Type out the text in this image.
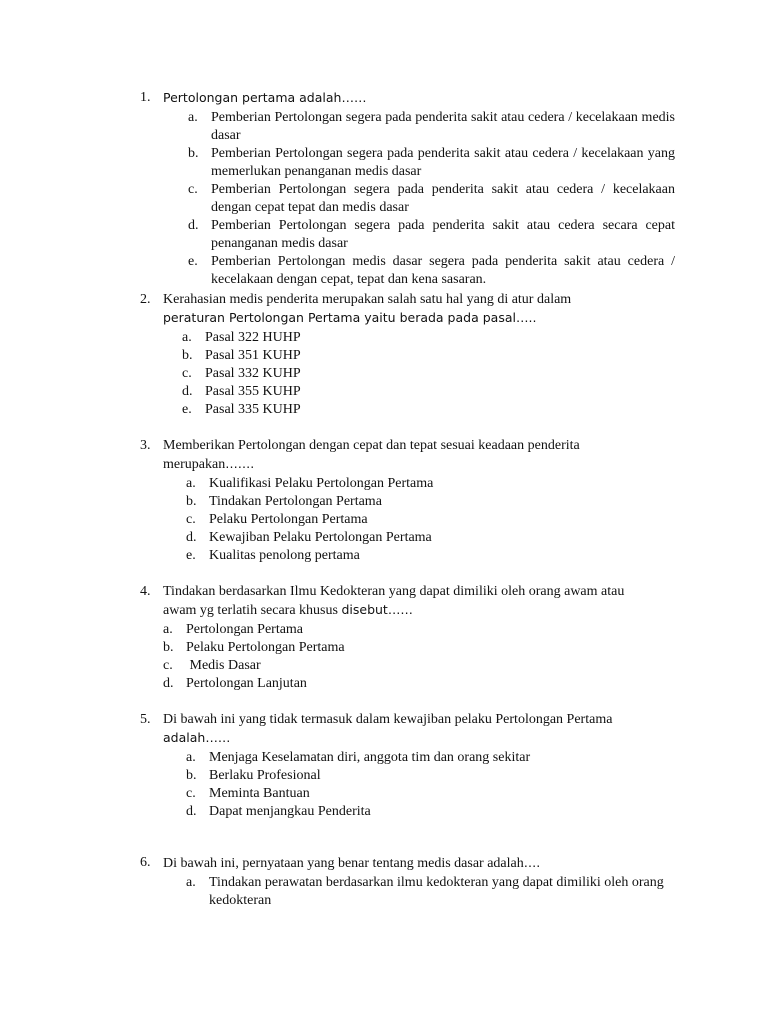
1.	Pertolongan pertama adalah……
a. Pemberian Pertolongan segera pada penderita sakit atau cedera / kecelakaan medis dasar
b. Pemberian Pertolongan segera pada penderita sakit atau cedera / kecelakaan yang memerlukan penanganan medis dasar
c. Pemberian Pertolongan segera pada penderita sakit atau cedera / kecelakaan dengan cepat tepat dan medis dasar
d. Pemberian Pertolongan segera pada penderita sakit atau cedera secara cepat penanganan medis dasar
e. Pemberian Pertolongan medis dasar segera pada penderita sakit atau cedera / kecelakaan dengan cepat, tepat dan kena sasaran.
2. Kerahasian medis penderita merupakan salah satu hal yang di atur dalam
peraturan Pertolongan Pertama yaitu berada pada pasal…..
a. Pasal 322 HUHP
b. Pasal 351 KUHP
c. Pasal 332 KUHP
d. Pasal 355 KUHP
e. Pasal 335 KUHP
3. Memberikan Pertolongan dengan cepat dan tepat sesuai keadaan penderita
merupakan…….
a. Kualifikasi Pelaku Pertolongan Pertama
b. Tindakan Pertolongan Pertama
c. Pelaku Pertolongan Pertama
d. Kewajiban Pelaku Pertolongan Pertama
e. Kualitas penolong pertama
4. Tindakan berdasarkan Ilmu Kedokteran yang dapat dimiliki oleh orang awam atau
awam yg terlatih secara khusus disebut……
a. Pertolongan Pertama
b. Pelaku Pertolongan Pertama
c. Medis Dasar
d. Pertolongan Lanjutan
5. Di bawah ini yang tidak termasuk dalam kewajiban pelaku Pertolongan Pertama
adalah……
a. Menjaga Keselamatan diri, anggota tim dan orang sekitar
b. Berlaku Profesional
c. Meminta Bantuan
d. Dapat menjangkau Penderita
6. Di bawah ini, pernyataan yang benar tentang medis dasar adalah….
a. Tindakan perawatan berdasarkan ilmu kedokteran yang dapat dimiliki oleh orang kedokteran
